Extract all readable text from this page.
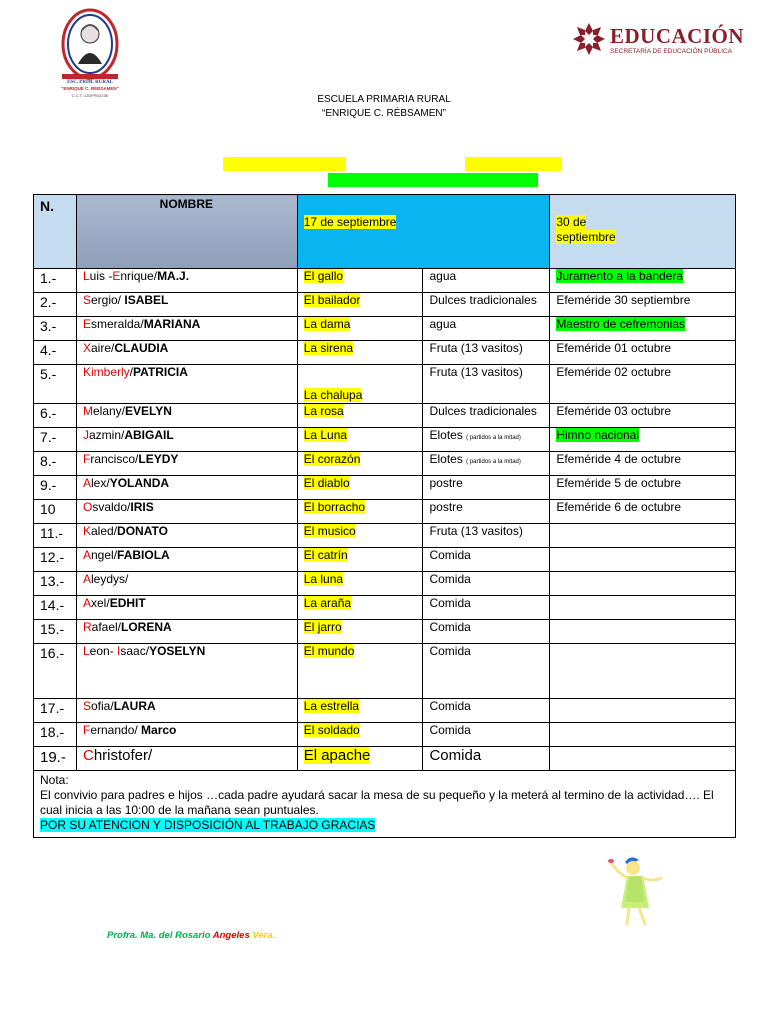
ESC. PRIM. RURAL
"ENRIQUE C. RÉBSAMEN"
C.C.T. 12DPR0223E
EDUCACIÓN
SECRETARÍA DE EDUCACIÓN PÚBLICA
ESCUELA PRIMARIA RURAL
“ENRIQUE C. RÉBSAMEN”
N.	NOMBRE	17 de septiembre		30 de
septiembre
1.-	Luis -Enrique/MA.J.	El gallo	agua	Juramento a la bandera
2.-	Sergio/ ISABEL	El bailador	Dulces tradicionales	Efeméride 30 septiembre
3.-	Esmeralda/MARIANA	La dama	agua	Maestro de cefremonias
4.-	Xaire/CLAUDIA	La sirena	Fruta (13 vasitos)	Efeméride 01 octubre
5.-	Kimberly/PATRICIA	La chalupa	Fruta (13 vasitos)	Efeméride 02 octubre
6.-	Melany/EVELYN	La rosa	Dulces tradicionales	Efeméride 03 octubre
7.-	Jazmin/ABIGAIL	La Luna	Elotes ( partidos a la mitad)	Himno nacional
8.-	Francisco/LEYDY	El corazón	Elotes ( partidos a la mitad)	Efeméride 4 de octubre
9.-	Alex/YOLANDA	El diablo	postre	Efeméride 5 de octubre
10	Osvaldo/IRIS	El borracho	postre	Efeméride 6 de octubre
11.-	Kaled/DONATO	El musico	Fruta (13 vasitos)	
12.-	Angel/FABIOLA	El catrín	Comida	
13.-	Aleydys/	La luna	Comida	
14.-	Axel/EDHIT	La araña	Comida	
15.-	Rafael/LORENA	El jarro	Comida	
16.-	Leon- Isaac/YOSELYN	El mundo	Comida	
17.-	Sofia/LAURA	La estrella	Comida	
18.-	Fernando/ Marco	El soldado	Comida	
19.-	Christofer/	El apache	Comida	

Nota:
El convivio para padres e hijos …cada padre ayudará sacar la mesa de su pequeño y la meterá al termino de la actividad…. El cual inicia a las 10:00 de la mañana sean puntuales.
POR SU ATENCION Y DISPOSICIÓN AL TRABAJO GRACIAS				
Profra. Ma. del Rosario Angeles Vera.
